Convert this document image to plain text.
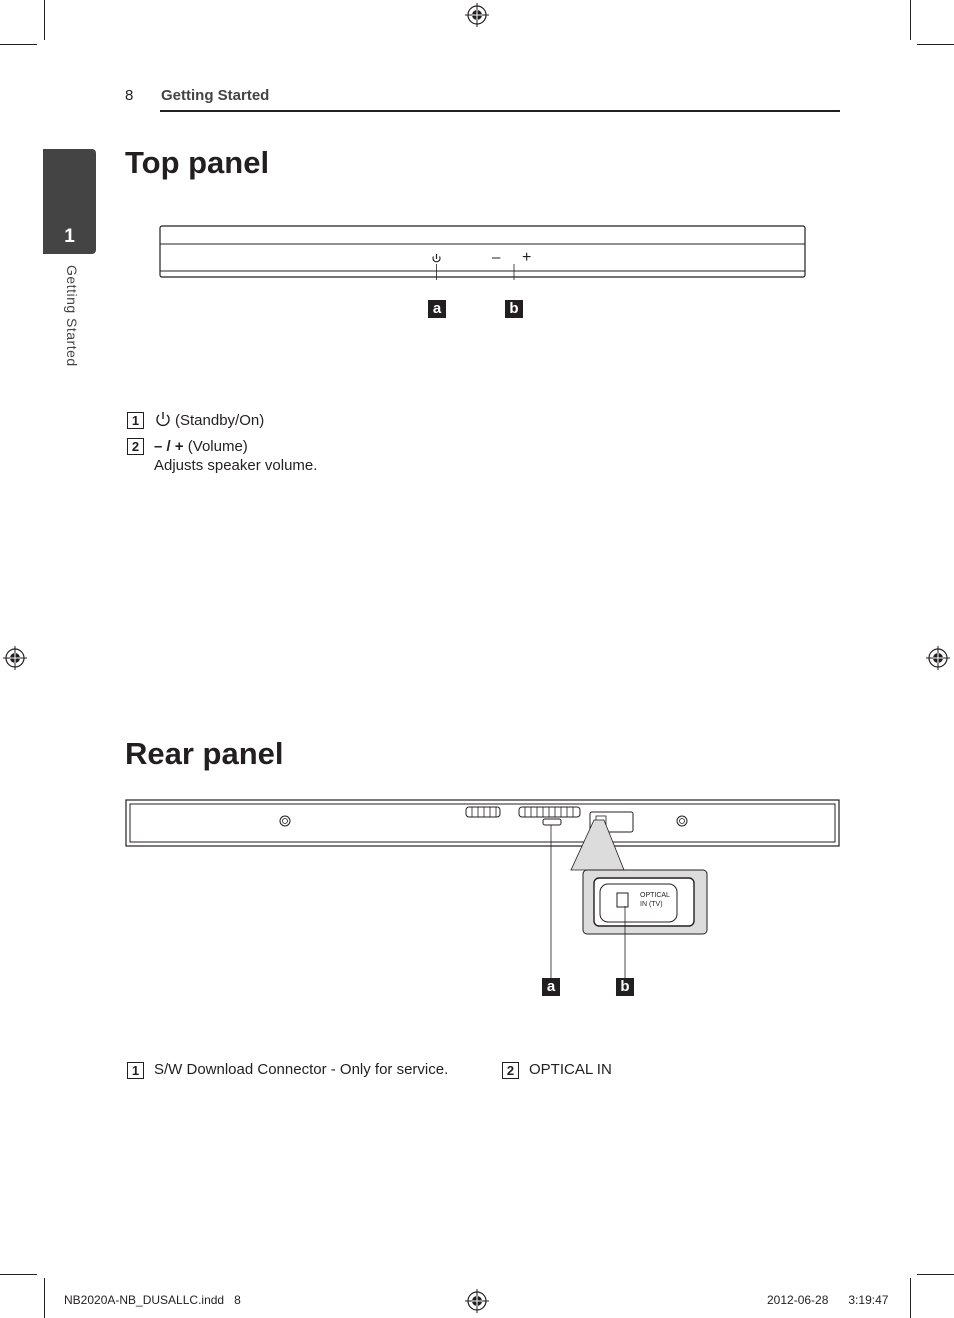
8 Getting Started
1
Getting Started
Top panel
– +
a	b
1	(Standby/On)
2 – / + (Volume)
Adjusts speaker volume.
Rear panel
OPTICAL
IN (TV)
a	b
1 S/W Download Connector - Only for service.	2 OPTICAL IN
NB2020A-NB_DUSALLC.indd   8	2012-06-28      3:19:47
